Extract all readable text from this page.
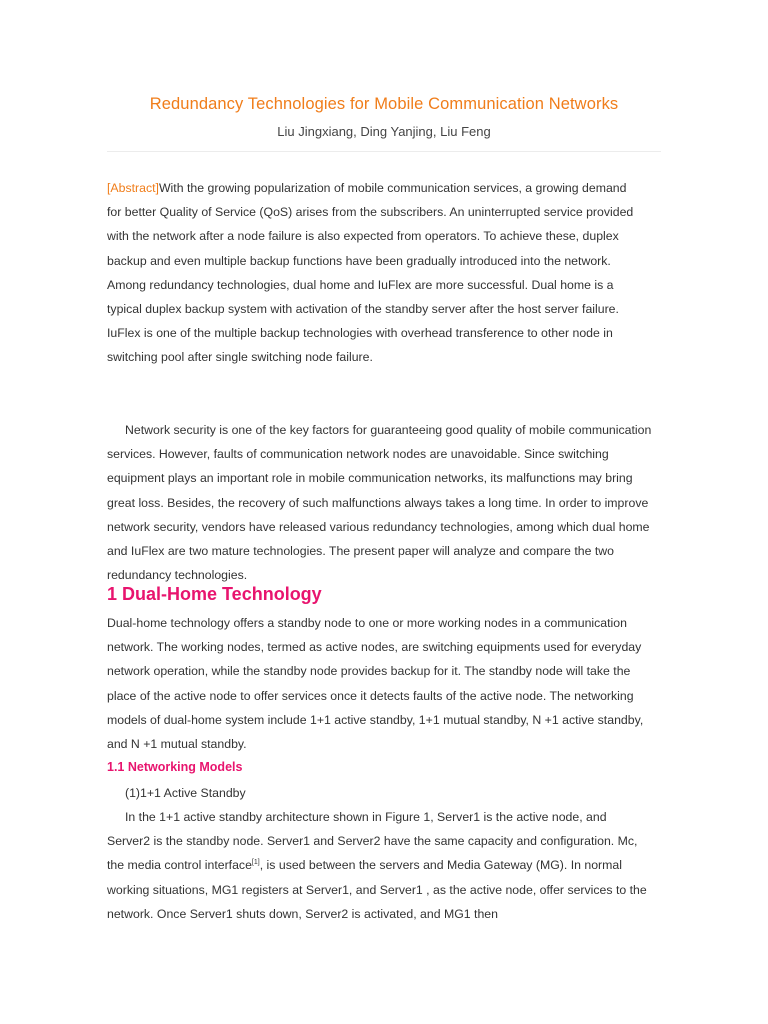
Redundancy Technologies for Mobile Communication Networks
Liu Jingxiang, Ding Yanjing, Liu Feng

[Abstract]With the growing popularization of mobile communication services, a growing demand for better Quality of Service (QoS) arises from the subscribers. An uninterrupted service provided with the network after a node failure is also expected from operators. To achieve these, duplex backup and even multiple backup functions have been gradually introduced into the network. Among redundancy technologies, dual home and IuFlex are more successful. Dual home is a typical duplex backup system with activation of the standby server after the host server failure. IuFlex is one of the multiple backup technologies with overhead transference to other node in switching pool after single switching node failure.

Network security is one of the key factors for guaranteeing good quality of mobile communication services. However, faults of communication network nodes are unavoidable. Since switching equipment plays an important role in mobile communication networks, its malfunctions may bring great loss. Besides, the recovery of such malfunctions always takes a long time. In order to improve network security, vendors have released various redundancy technologies, among which dual home and IuFlex are two mature technologies. The present paper will analyze and compare the two redundancy technologies.

1 Dual-Home Technology

Dual-home technology offers a standby node to one or more working nodes in a communication network. The working nodes, termed as active nodes, are switching equipments used for everyday network operation, while the standby node provides backup for it. The standby node will take the place of the active node to offer services once it detects faults of the active node. The networking models of dual-home system include 1+1 active standby, 1+1 mutual standby, N +1 active standby, and N +1 mutual standby.

1.1 Networking Models

(1)1+1 Active Standby

In the 1+1 active standby architecture shown in Figure 1, Server1 is the active node, and Server2 is the standby node. Server1 and Server2 have the same capacity and configuration. Mc, the media control interface[1], is used between the servers and Media Gateway (MG). In normal working situations, MG1 registers at Server1, and Server1 , as the active node, offer services to the network. Once Server1 shuts down, Server2 is activated, and MG1 then
